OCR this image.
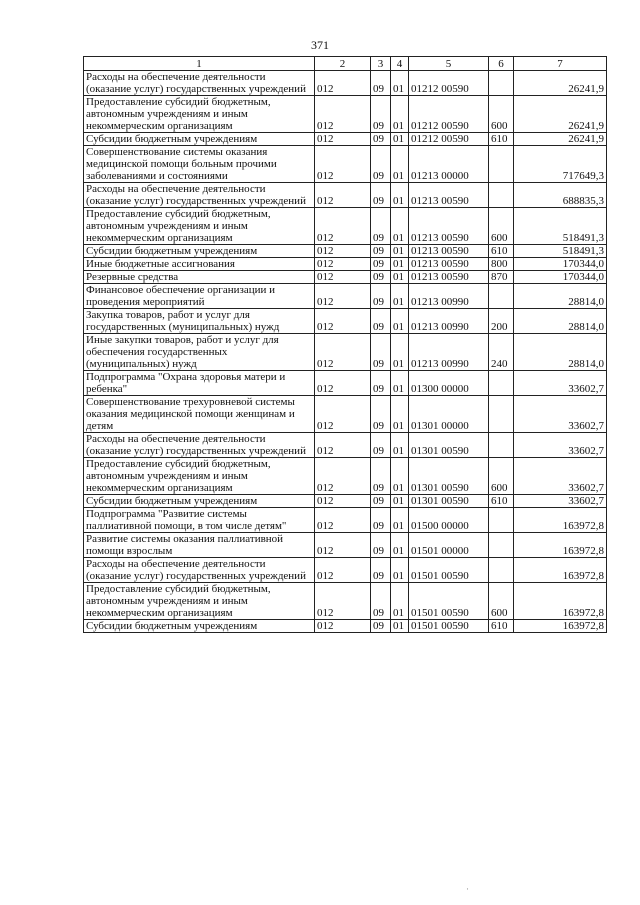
371
1	2	3	4	5	6	7
Расходы на обеспечение деятельности (оказание услуг) государственных учреждений	012	09	01	01212 00590		26241,9
Предоставление субсидий бюджетным, автономным учреждениям и иным некоммерческим организациям	012	09	01	01212 00590	600	26241,9
Субсидии бюджетным учреждениям	012	09	01	01212 00590	610	26241,9
Совершенствование системы оказания медицинской помощи больным прочими заболеваниями и состояниями	012	09	01	01213 00000		717649,3
Расходы на обеспечение деятельности (оказание услуг) государственных учреждений	012	09	01	01213 00590		688835,3
Предоставление субсидий бюджетным, автономным учреждениям и иным некоммерческим организациям	012	09	01	01213 00590	600	518491,3
Субсидии бюджетным учреждениям	012	09	01	01213 00590	610	518491,3
Иные бюджетные ассигнования	012	09	01	01213 00590	800	170344,0
Резервные средства	012	09	01	01213 00590	870	170344,0
Финансовое обеспечение организации и проведения мероприятий	012	09	01	01213 00990		28814,0
Закупка товаров, работ и услуг для государственных (муниципальных) нужд	012	09	01	01213 00990	200	28814,0
Иные закупки товаров, работ и услуг для обеспечения государственных (муниципальных) нужд	012	09	01	01213 00990	240	28814,0
Подпрограмма "Охрана здоровья матери и ребенка"	012	09	01	01300 00000		33602,7
Совершенствование трехуровневой системы оказания медицинской помощи женщинам и детям	012	09	01	01301 00000		33602,7
Расходы на обеспечение деятельности (оказание услуг) государственных учреждений	012	09	01	01301 00590		33602,7
Предоставление субсидий бюджетным, автономным учреждениям и иным некоммерческим организациям	012	09	01	01301 00590	600	33602,7
Субсидии бюджетным учреждениям	012	09	01	01301 00590	610	33602,7
Подпрограмма "Развитие системы паллиативной помощи, в том числе детям"	012	09	01	01500 00000		163972,8
Развитие системы оказания паллиативной помощи взрослым	012	09	01	01501 00000		163972,8
Расходы на обеспечение деятельности (оказание услуг) государственных учреждений	012	09	01	01501 00590		163972,8
Предоставление субсидий бюджетным, автономным учреждениям и иным некоммерческим организациям	012	09	01	01501 00590	600	163972,8
Субсидии бюджетным учреждениям	012	09	01	01501 00590	610	163972,8
·
